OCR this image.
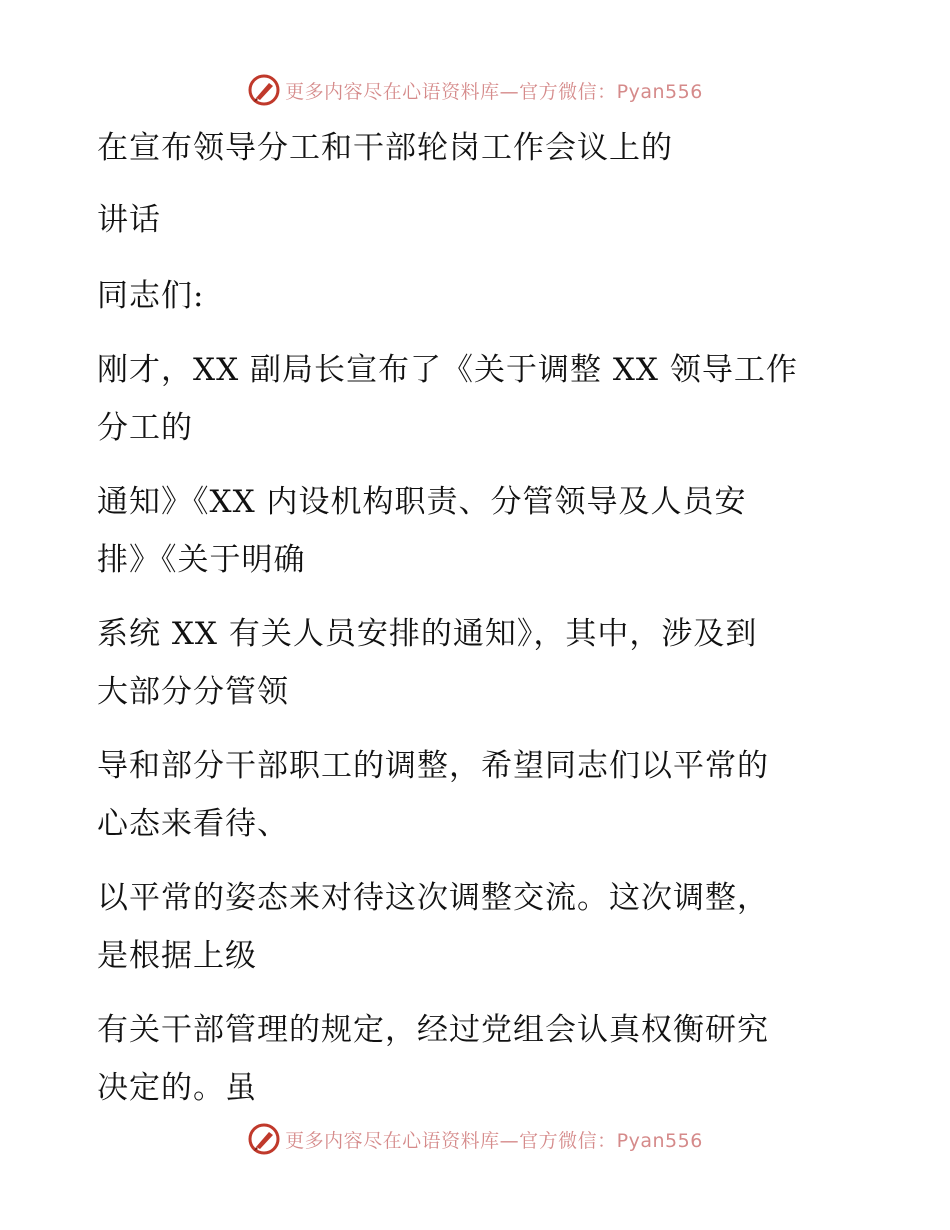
更多内容尽在心语资料库—官方微信：Pyan556
在宣布领导分工和干部轮岗工作会议上的
讲话
同志们:
刚才，XX 副局长宣布了《关于调整 XX 领导工作
分工的
通知》《XX 内设机构职责、分管领导及人员安
排》《关于明确
系统 XX 有关人员安排的通知》，其中，涉及到
大部分分管领
导和部分干部职工的调整，希望同志们以平常的
心态来看待、
以平常的姿态来对待这次调整交流。这次调整，
是根据上级
有关干部管理的规定，经过党组会认真权衡研究
决定的。虽
更多内容尽在心语资料库—官方微信：Pyan556
